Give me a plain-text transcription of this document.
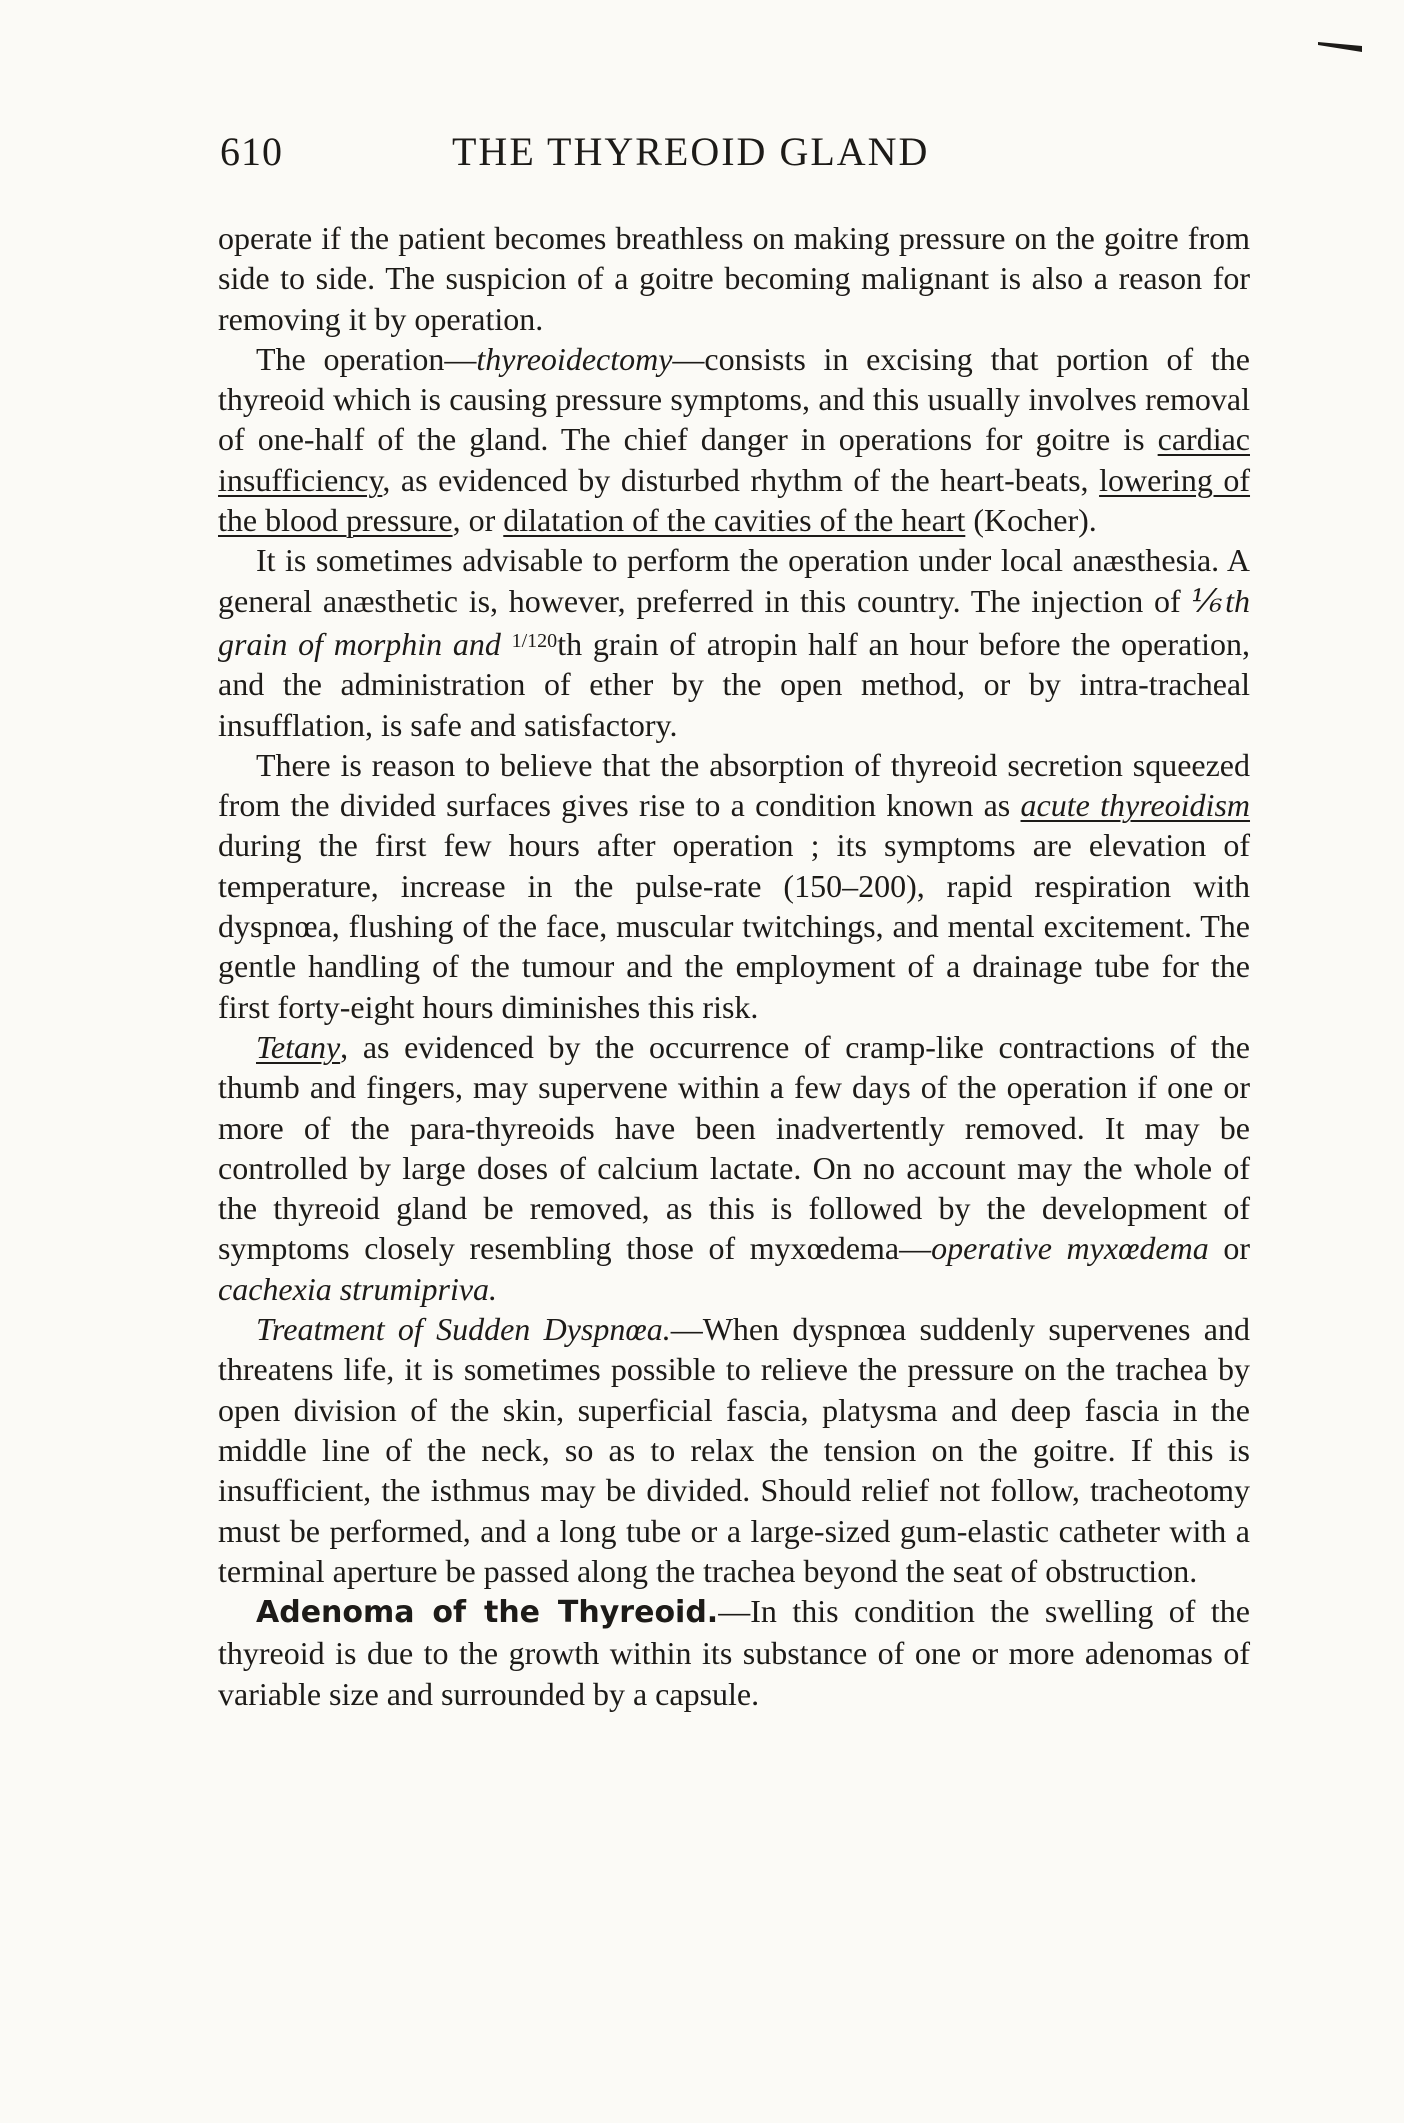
610	THE THYREOID GLAND

operate if the patient becomes breathless on making pressure on the goitre from side to side. The suspicion of a goitre becoming malignant is also a reason for removing it by operation.

The operation—thyreoidectomy—consists in excising that portion of the thyreoid which is causing pressure symptoms, and this usually involves removal of one-half of the gland. The chief danger in operations for goitre is cardiac insufficiency, as evidenced by disturbed rhythm of the heart-beats, lowering of the blood pressure, or dilatation of the cavities of the heart (Kocher).

It is sometimes advisable to perform the operation under local anæsthesia. A general anæsthetic is, however, preferred in this country. The injection of ⅙th grain of morphin and $^{1/120}$th grain of atropin half an hour before the operation, and the administration of ether by the open method, or by intra-tracheal insufflation, is safe and satisfactory.

There is reason to believe that the absorption of thyreoid secretion squeezed from the divided surfaces gives rise to a condition known as acute thyreoidism during the first few hours after operation ; its symptoms are elevation of temperature, increase in the pulse-rate (150–200), rapid respiration with dyspnœa, flushing of the face, muscular twitchings, and mental excitement. The gentle handling of the tumour and the employment of a drainage tube for the first forty-eight hours diminishes this risk.

Tetany, as evidenced by the occurrence of cramp-like contractions of the thumb and fingers, may supervene within a few days of the operation if one or more of the para-thyreoids have been inadvertently removed. It may be controlled by large doses of calcium lactate. On no account may the whole of the thyreoid gland be removed, as this is followed by the development of symptoms closely resembling those of myxœdema—operative myxœdema or cachexia strumipriva.

Treatment of Sudden Dyspnœa.—When dyspnœa suddenly supervenes and threatens life, it is sometimes possible to relieve the pressure on the trachea by open division of the skin, superficial fascia, platysma and deep fascia in the middle line of the neck, so as to relax the tension on the goitre. If this is insufficient, the isthmus may be divided. Should relief not follow, tracheotomy must be performed, and a long tube or a large-sized gum-elastic catheter with a terminal aperture be passed along the trachea beyond the seat of obstruction.

Adenoma of the Thyreoid.—In this condition the swelling of the thyreoid is due to the growth within its substance of one or more adenomas of variable size and surrounded by a capsule.
